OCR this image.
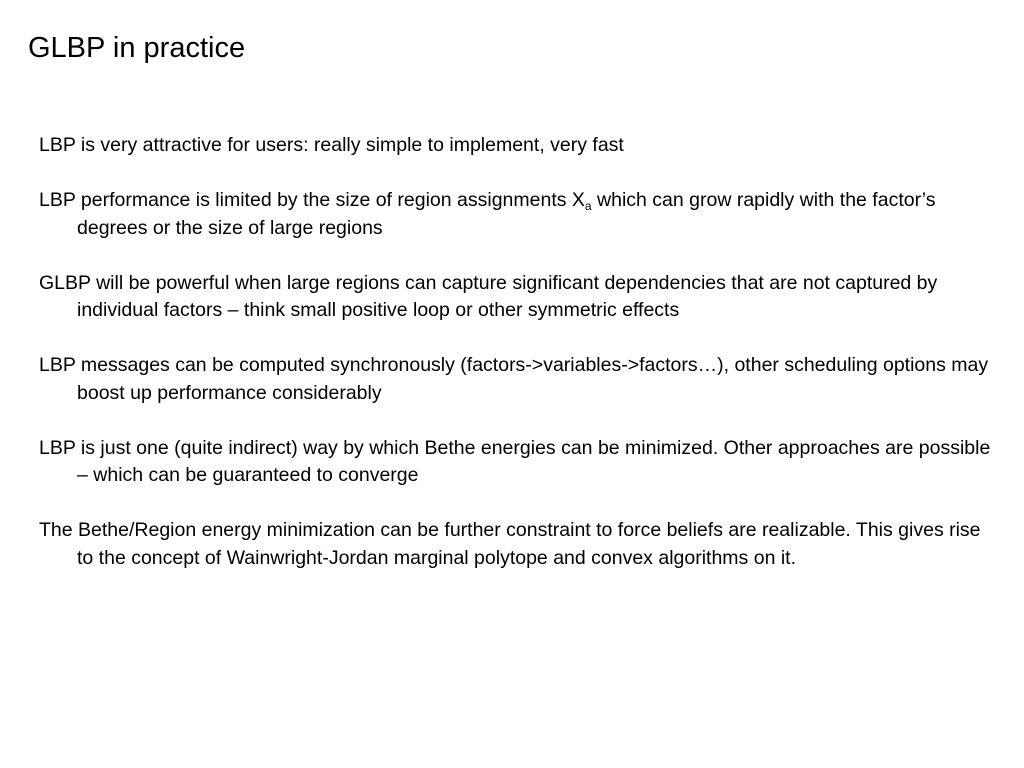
GLBP in practice
LBP is very attractive for users: really simple to implement, very fast
LBP performance is limited by the size of region assignments $X_a$ which can grow rapidly with the factor’s degrees or the size of large regions
GLBP will be powerful when large regions can capture significant dependencies that are not captured by individual factors – think small positive loop or other symmetric effects
LBP messages can be computed synchronously (factors->variables->factors…), other scheduling options may boost up performance considerably
LBP is just one (quite indirect) way by which Bethe energies can be minimized. Other approaches are possible – which can be guaranteed to converge
The Bethe/Region energy minimization can be further constraint to force beliefs are realizable. This gives rise to the concept of Wainwright-Jordan marginal polytope and convex algorithms on it.
